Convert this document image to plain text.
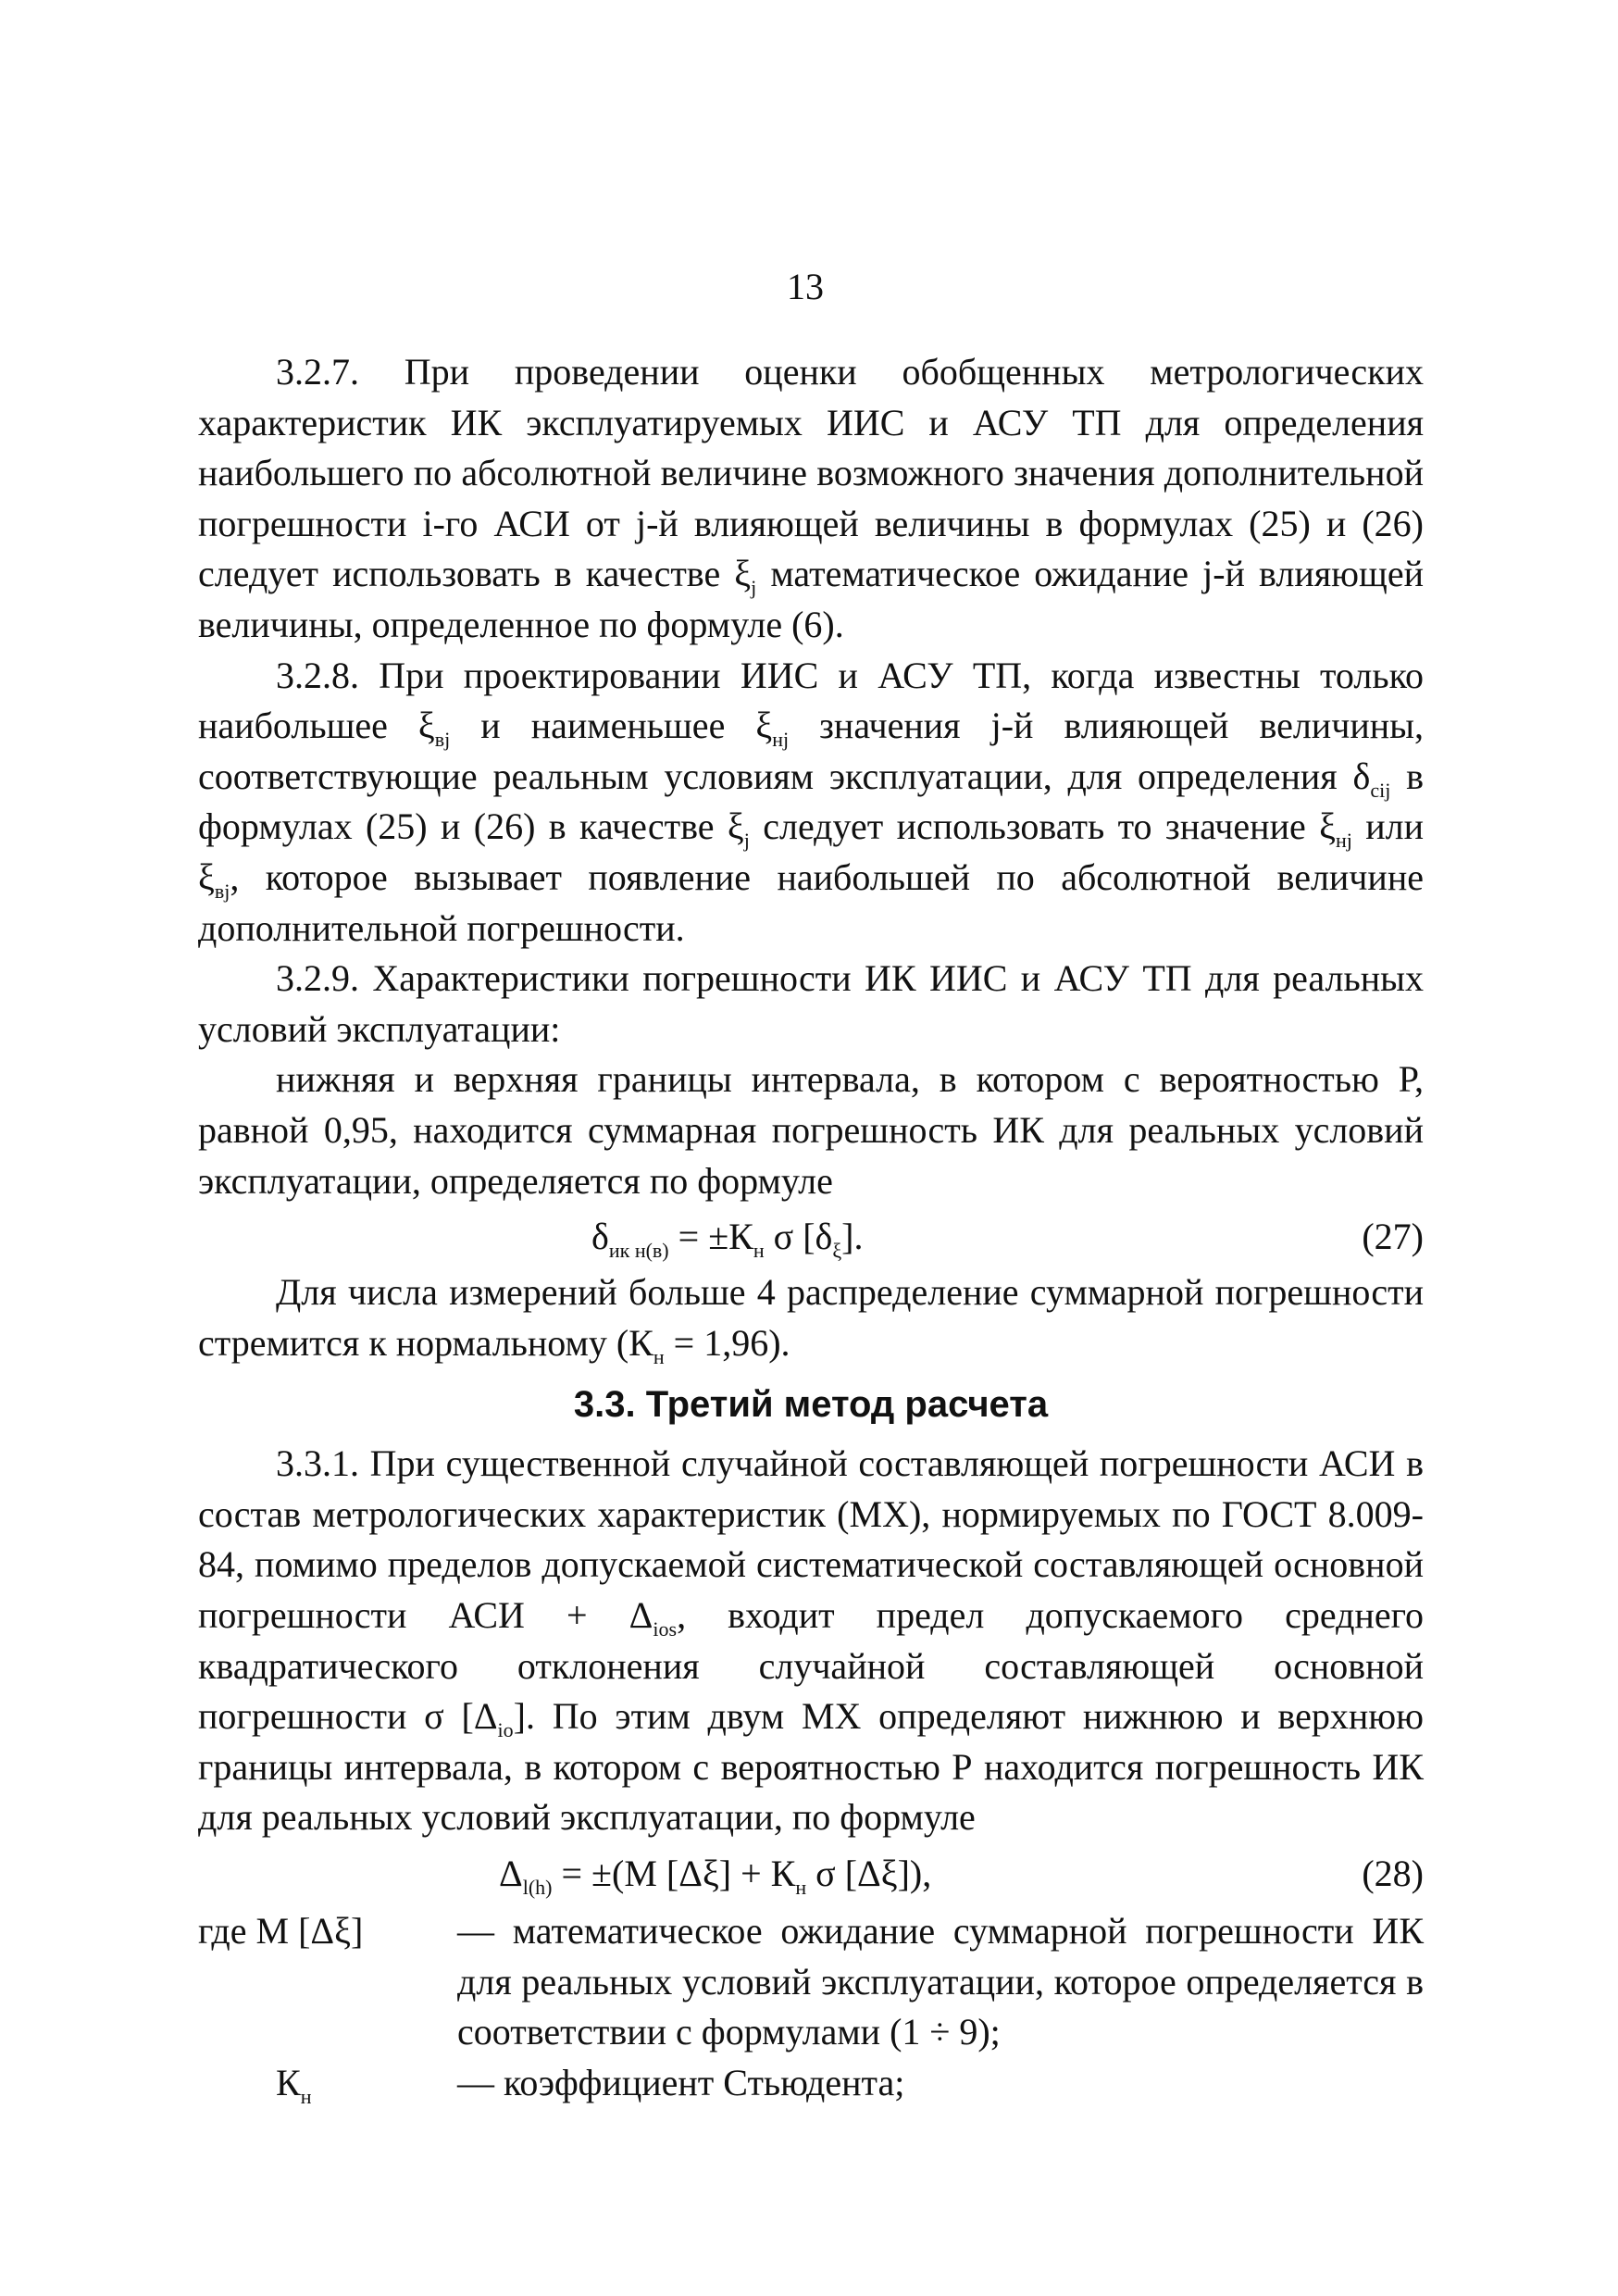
13

3.2.7. При проведении оценки обобщенных метрологических характеристик ИК эксплуатируемых ИИС и АСУ ТП для определения наибольшего по абсолютной величине возможного значения дополнительной погрешности i-го АСИ от j-й влияющей величины в формулах (25) и (26) следует использовать в качестве $\xi_j$ математическое ожидание j-й влияющей величины, определенное по формуле (6).

3.2.8. При проектировании ИИС и АСУ ТП, когда известны только наибольшее $\xi_{вj}$ и наименьшее $\xi_{нj}$ значения j-й влияющей величины, соответствующие реальным условиям эксплуатации, для определения $\delta_{cij}$ в формулах (25) и (26) в качестве $\xi_j$ следует использовать то значение $\xi_{нj}$ или $\xi_{вj}$, которое вызывает появление наибольшей по абсолютной величине дополнительной погрешности.

3.2.9. Характеристики погрешности ИК ИИС и АСУ ТП для реальных условий эксплуатации:

нижняя и верхняя границы интервала, в котором с вероятностью Р, равной 0,95, находится суммарная погрешность ИК для реальных условий эксплуатации, определяется по формуле

$\delta_{ик н(в)} = \pm К_н$ σ $[\delta_\xi]$.	(27)

Для числа измерений больше 4 распределение суммарной погрешности стремится к нормальному $(К_н = 1,96)$.

3.3. Третий метод расчета

3.3.1. При существенной случайной составляющей погрешности АСИ в состав метрологических характеристик (МХ), нормируемых по ГОСТ 8.009-84, помимо пределов допускаемой систематической составляющей основной погрешности АСИ + $\Delta_{ios}$, входит предел допускаемого среднего квадратического отклонения случайной составляющей основной погрешности σ $[\Delta_{io}]$. По этим двум МХ определяют нижнюю и верхнюю границы интервала, в котором с вероятностью Р находится погрешность ИК для реальных условий эксплуатации, по формуле

$\Delta_{l(h)} = \pm(М$ $[\Delta\xi] + К_н$ σ [Δξ]),	(28)
где М [Δξ]	— математическое ожидание суммарной погрешности ИК для реальных условий эксплуатации, которое определяется в соответствии с формулами (1 ÷ 9);
$К_н$	— коэффициент Стьюдента;
